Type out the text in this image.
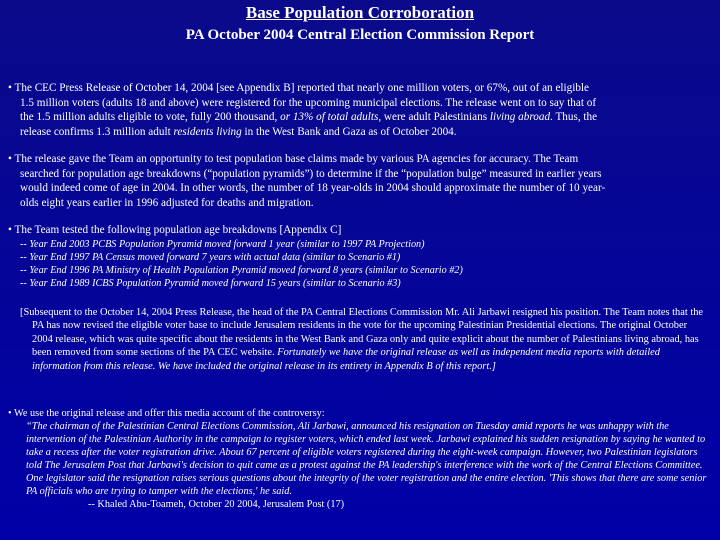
Base Population Corroboration
PA October 2004 Central Election Commission Report
• The CEC Press Release of October 14, 2004 [see Appendix B] reported that nearly one million voters, or 67%, out of an eligible
1.5 million voters (adults 18 and above) were registered for the upcoming municipal elections. The release went on to say that of
the 1.5 million adults eligible to vote, fully 200 thousand, or 13% of total adults, were adult Palestinians living abroad. Thus, the
release confirms 1.3 million adult residents living in the West Bank and Gaza as of October 2004.
• The release gave the Team an opportunity to test population base claims made by various PA agencies for accuracy. The Team
searched for population age breakdowns (“population pyramids”) to determine if the “population bulge” measured in earlier years
would indeed come of age in 2004. In other words, the number of 18 year-olds in 2004 should approximate the number of 10 year-
olds eight years earlier in 1996 adjusted for deaths and migration.
• The Team tested the following population age breakdowns [Appendix C]
-- Year End 2003 PCBS Population Pyramid moved forward 1 year (similar to 1997 PA Projection)
-- Year End 1997 PA Census moved forward 7 years with actual data (similar to Scenario #1)
-- Year End 1996 PA Ministry of Health Population Pyramid moved forward 8 years (similar to Scenario #2)
-- Year End 1989 ICBS Population Pyramid moved forward 15 years (similar to Scenario #3)
[Subsequent to the October 14, 2004 Press Release, the head of the PA Central Elections Commission Mr. Ali Jarbawi resigned his position. The Team notes that the PA has now revised the eligible voter base to include Jerusalem residents in the vote for the upcoming Palestinian Presidential elections. The original October 2004 release, which was quite specific about the residents in the West Bank and Gaza only and quite explicit about the number of Palestinians living abroad, has been removed from some sections of the PA CEC website. Fortunately we have the original release as well as independent media reports with detailed information from this release. We have included the original release in its entirety in Appendix B of this report.]
• We use the original release and offer this media account of the controversy:
“The chairman of the Palestinian Central Elections Commission, Ali Jarbawi, announced his resignation on Tuesday amid reports he was unhappy with the intervention of the Palestinian Authority in the campaign to register voters, which ended last week. Jarbawi explained his sudden resignation by saying he wanted to take a recess after the voter registration drive. About 67 percent of eligible voters registered during the eight-week campaign. However, two Palestinian legislators told The Jerusalem Post that Jarbawi's decision to quit came as a protest against the PA leadership's interference with the work of the Central Elections Committee. One legislator said the resignation raises serious questions about the integrity of the voter registration and the entire election. 'This shows that there are some senior PA officials who are trying to tamper with the elections,' he said.
-- Khaled Abu-Toameh, October 20 2004, Jerusalem Post (17)
